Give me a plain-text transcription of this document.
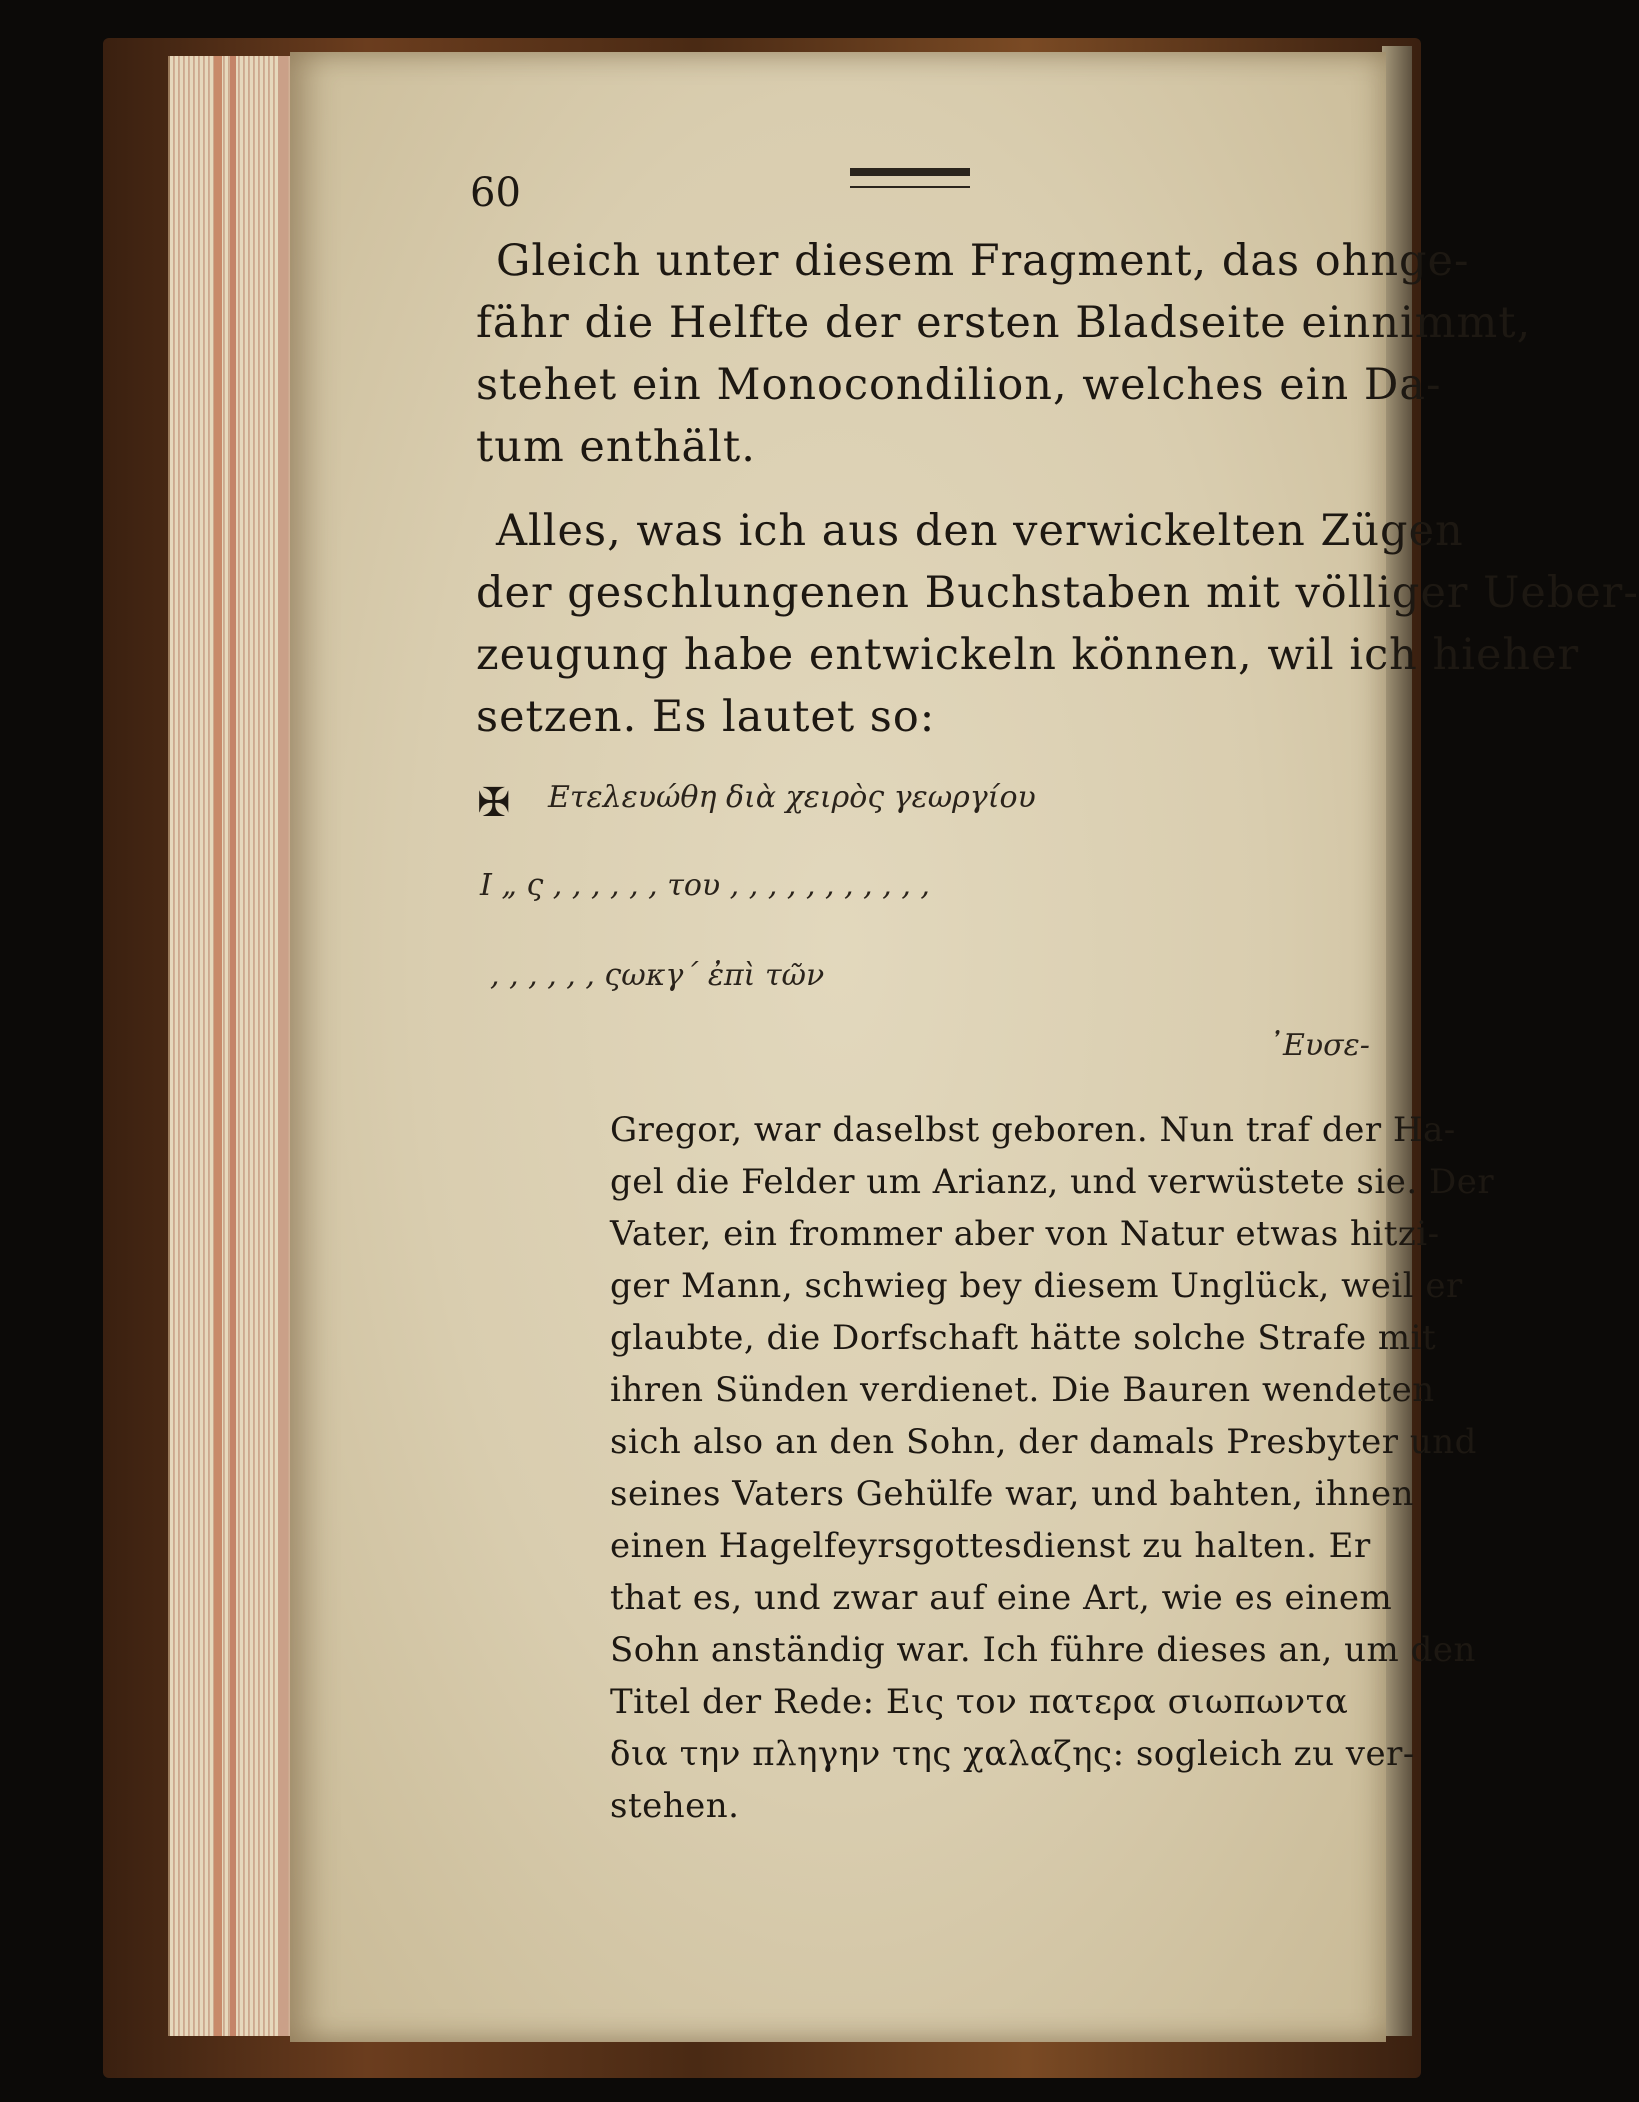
60
Gleich unter diesem Fragment, das ohnge-
fähr die Helfte der ersten Bladseite einnimmt,
stehet ein Monocondilion, welches ein Da-
tum enthält.
Alles, was ich aus den verwickelten Zügen
der geschlungenen Buchstaben mit völliger Ueber-
zeugung habe entwickeln können, wil ich hieher
setzen. Es lautet so:
✠ Ετελευώθη διὰ χειρὸς γεωργίου
Ι „ ς , , , , , , του , , , , , , , , , , ,
, , , , , , ςωκγ΄ ἐπὶ τῶν
᾿Ευσε-
Gregor, war daselbst geboren. Nun traf der Ha-
gel die Felder um Arianz, und verwüstete sie. Der
Vater, ein frommer aber von Natur etwas hitzi-
ger Mann, schwieg bey diesem Unglück, weil er
glaubte, die Dorfschaft hätte solche Strafe mit
ihren Sünden verdienet. Die Bauren wendeten
sich also an den Sohn, der damals Presbyter und
seines Vaters Gehülfe war, und bahten, ihnen
einen Hagelfeyrsgottesdienst zu halten. Er
that es, und zwar auf eine Art, wie es einem
Sohn anständig war. Ich führe dieses an, um den
Titel der Rede: Εις τον πατερα σιωπωντα
δια την πληγην της χαλαζης: sogleich zu ver-
stehen.
